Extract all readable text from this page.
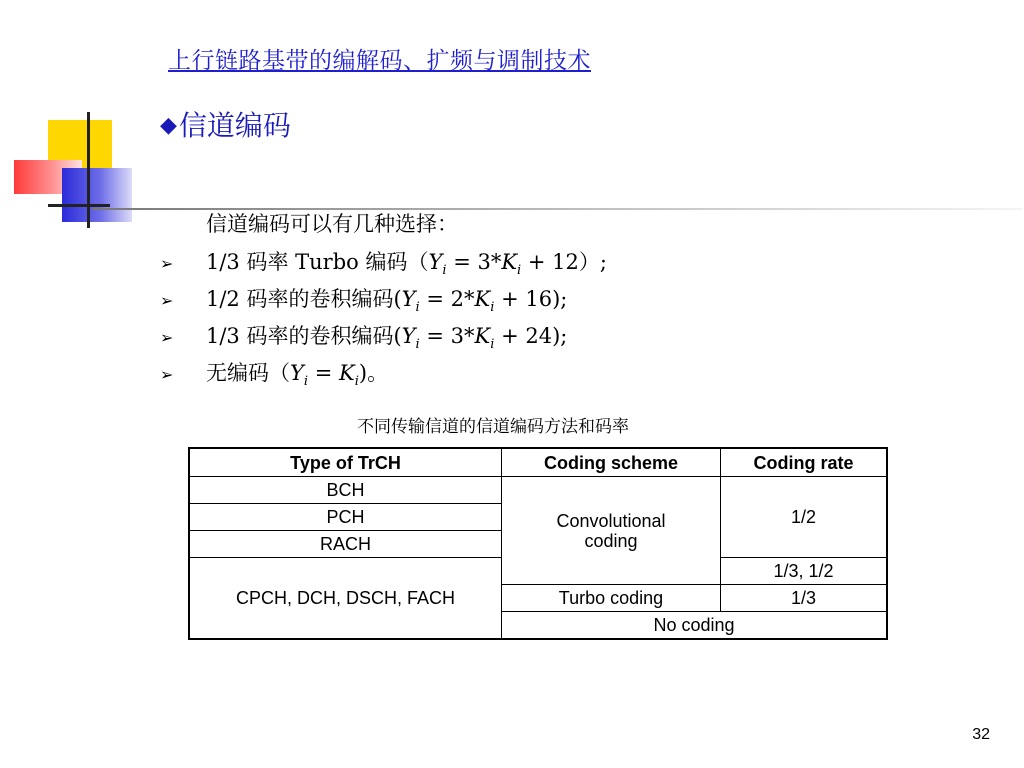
上行链路基带的编解码、扩频与调制技术
◆信道编码
信道编码可以有几种选择：
➢ 1/3 码率 Turbo 编码$(Y_i = 3*K_i + 12)$;
➢ 1/2 码率的卷积编码$(Y_i = 2*K_i + 16)$;
➢ 1/3 码率的卷积编码$(Y_i = 3*K_i + 24)$;
➢ 无编码$(Y_i = K_i)$。
不同传输信道的信道编码方法和码率
Type of TrCH	Coding scheme	Coding rate
BCH	Convolutional coding	1/2
PCH		
RACH		
CPCH, DCH, DSCH, FACH		1/3, 1/2
	Turbo coding	1/3
	No coding	
32
